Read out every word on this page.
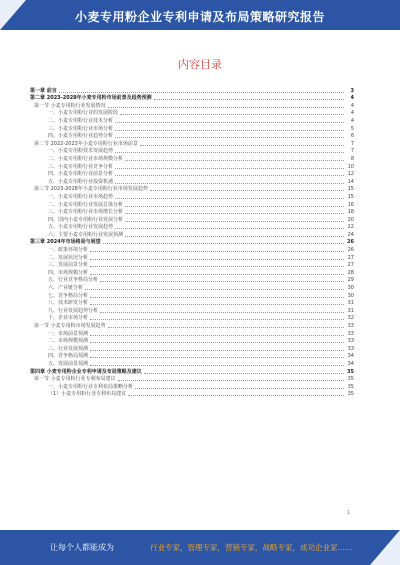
小麦专用粉企业专利申请及布局策略研究报告
内容目录
第一章 前言	3
第二章 2023-2028年小麦专用粉市场前景及趋势预测	4
第一节 小麦专用粉行业发展情况	4
一、小麦专用粉行业的发展阶段	4
二、小麦专用粉行业技术分析	4
三、小麦专用粉行业市场分析	5
四、小麦专用粉行业趋势分析	6
第二节 2022-2023年小麦专用粉行业市场前景	7
一、小麦专用粉技术发展趋势	7
二、小麦专用粉行业市场规模分析	8
三、小麦专用粉行业竞争分析	10
四、小麦专用粉行业前景分析	12
五、小麦专用粉行业投资机遇	14
第三节 2023-2028年小麦专用粉行业市场发展趋势	15
一、小麦专用粉行业市场趋势	15
二、小麦专用粉行业发展总体分析	16
三、小麦专用粉行业市场增长分析	18
四、国内小麦专用粉行业发展分析	20
五、小麦专用粉行业发展趋势	22
六、主要小麦专用粉行业发展预测	24
第三章 2024年市场格局与展望	26
一、政策环境分析	26
二、发展状况分析	27
三、发展前景分析	27
四、市场规模分析	28
五、行业竞争格局分析	29
六、产业链分析	30
七、竞争格局分析	30
八、技术研发分析	31
九、行业发展趋势分析	31
十、企业市场分析	32
第一节 小麦专用粉市场发展趋势	33
一、市场前景预测	33
二、市场规模预测	33
三、行业发展预测	33
四、竞争格局预测	34
五、发展前景预测	34
第四章 小麦专用粉企业专利申请及布局策略及建议	35
第一节 小麦专用粉行业专利布局建议	35
一、小麦专用粉行业专利布局策略分析	35
（1）小麦专用粉行业专利布局建议	35
1
让每个人都能成为	行业专家，管理专家，营销专家，战略专家，成功企业家……
